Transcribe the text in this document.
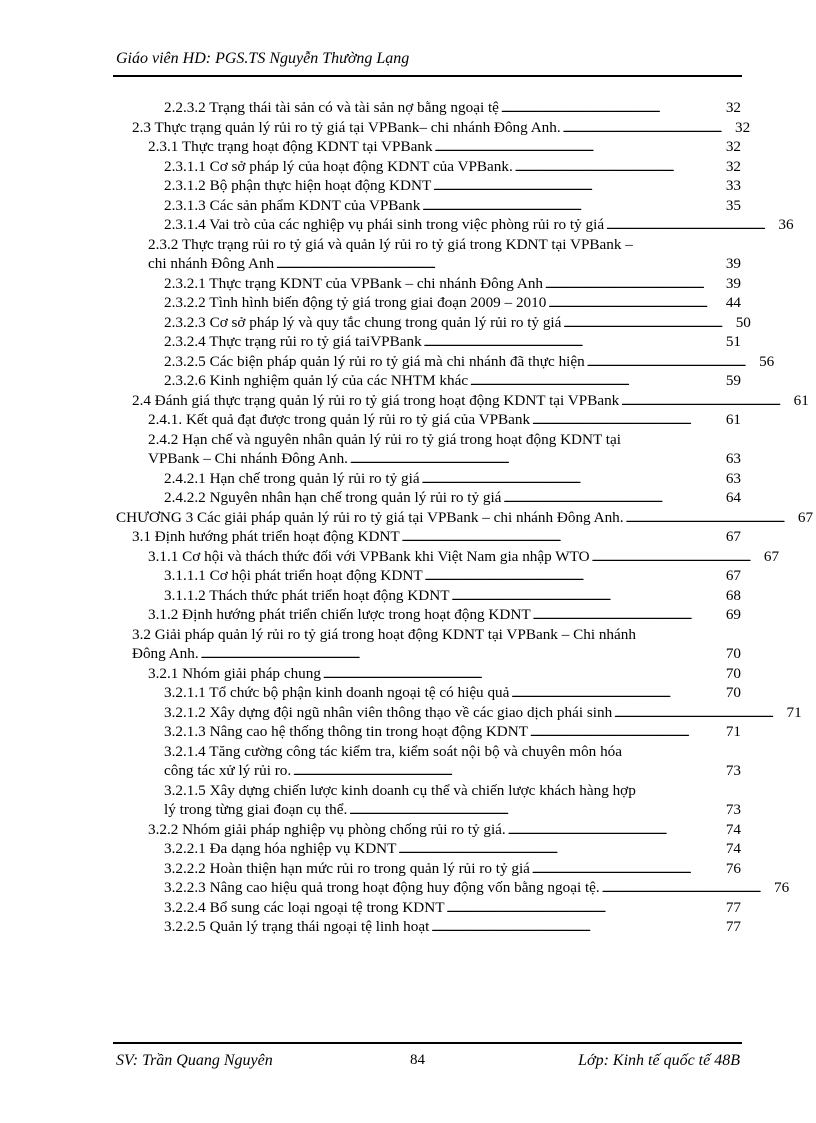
Giáo viên HD: PGS.TS Nguyễn Thường Lạng
2.2.3.2 Trạng thái tài sản có và tài sản nợ bằng ngoại tệ . . .	32
2.3 Thực trạng quản lý rủi ro tỷ giá tại VPBank– chi nhánh Đông Anh. . . .	32
2.3.1 Thực trạng hoạt động KDNT tại VPBank . . .	32
2.3.1.1 Cơ sở pháp lý của hoạt động KDNT của VPBank. . . .	32
2.3.1.2 Bộ phận thực hiện hoạt động KDNT . . .	33
2.3.1.3 Các sản phẩm KDNT của VPBank . . .	35
2.3.1.4 Vai trò của các nghiệp vụ phái sinh trong việc phòng rủi ro tỷ giá . . .	36
2.3.2 Thực trạng rủi ro tỷ giá và quản lý rủi ro tỷ giá trong KDNT tại VPBank –
chi nhánh Đông Anh . . .	39
2.3.2.1 Thực trạng KDNT của VPBank – chi nhánh Đông Anh . . .	39
2.3.2.2 Tình hình biến động tỷ giá trong giai đoạn 2009 – 2010 . . .	44
2.3.2.3 Cơ sở pháp lý và quy tắc chung trong quản lý rủi ro tỷ giá . . .	50
2.3.2.4 Thực trạng rủi ro tỷ giá taiVPBank . . .	51
2.3.2.5 Các biện pháp quản lý rủi ro tỷ giá mà chi nhánh đã thực hiện . . .	56
2.3.2.6 Kinh nghiệm quản lý của các NHTM khác . . .	59
2.4 Đánh giá thực trạng quản lý rủi ro tỷ giá trong hoạt động KDNT tại VPBank . . .	61
2.4.1. Kết quả đạt được trong quản lý rủi ro tỷ giá của VPBank . . .	61
2.4.2 Hạn chế và nguyên nhân quản lý rủi ro tỷ giá trong hoạt động KDNT tại
VPBank – Chi nhánh Đông Anh. . . .	63
2.4.2.1 Hạn chế trong quản lý rủi ro tỷ giá . . .	63
2.4.2.2 Nguyên nhân hạn chế trong quản lý rủi ro tỷ giá . . .	64
CHƯƠNG 3 Các giải pháp quản lý rủi ro tỷ giá tại VPBank – chi nhánh Đông Anh. . . .	67
3.1 Định hướng phát triển hoạt động KDNT . . .	67
3.1.1 Cơ hội và thách thức đối với VPBank khi Việt Nam gia nhập WTO . . .	67
3.1.1.1 Cơ hội phát triển hoạt động KDNT . . .	67
3.1.1.2 Thách thức phát triển hoạt động KDNT . . .	68
3.1.2 Định hướng phát triển chiến lược trong hoạt động KDNT . . .	69
3.2 Giải pháp quản lý rủi ro tỷ giá trong hoạt động KDNT tại VPBank – Chi nhánh
Đông Anh. . . .	70
3.2.1 Nhóm giải pháp chung . . .	70
3.2.1.1 Tổ chức bộ phận kinh doanh ngoại tệ có hiệu quả . . .	70
3.2.1.2 Xây dựng đội ngũ nhân viên thông thạo về các giao dịch phái sinh . . .	71
3.2.1.3 Nâng cao hệ thống thông tin trong hoạt động KDNT . . .	71
3.2.1.4 Tăng cường công tác kiểm tra, kiểm soát nội bộ và chuyên môn hóa
công tác xử lý rủi ro. . . .	73
3.2.1.5 Xây dựng chiến lược kinh doanh cụ thể và chiến lược khách hàng hợp
lý trong từng giai đoạn cụ thể. . . .	73
3.2.2 Nhóm giải pháp nghiệp vụ phòng chống rủi ro tỷ giá. . . .	74
3.2.2.1 Đa dạng hóa nghiệp vụ KDNT . . .	74
3.2.2.2 Hoàn thiện hạn mức rủi ro trong quản lý rủi ro tỷ giá . . .	76
3.2.2.3 Nâng cao hiệu quả trong hoạt động huy động vốn bằng ngoại tệ. . . .	76
3.2.2.4 Bổ sung các loại ngoại tệ trong KDNT . . .	77
3.2.2.5 Quản lý trạng thái ngoại tệ linh hoạt . . .	77
SV: Trần Quang Nguyên	84	Lớp: Kinh tế quốc tế 48B
